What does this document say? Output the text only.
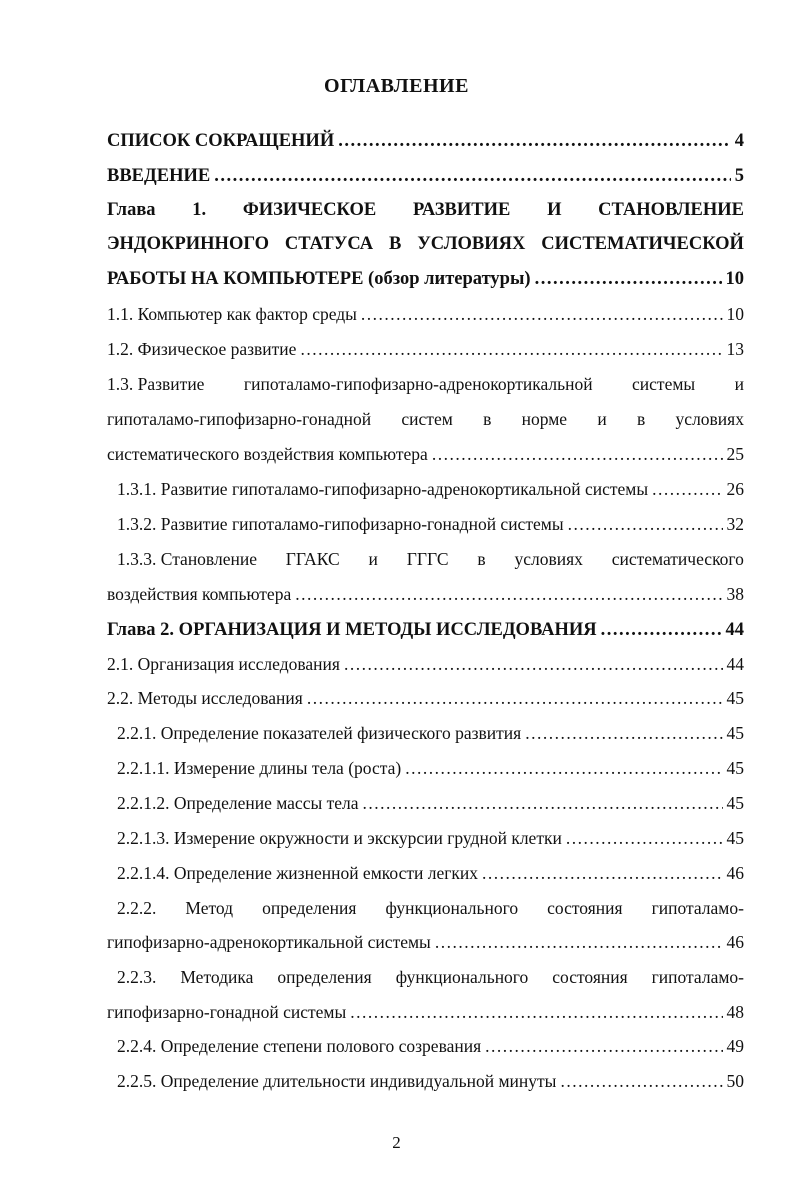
ОГЛАВЛЕНИЕ
СПИСОК СОКРАЩЕНИЙ .....	4
ВВЕДЕНИЕ .....	5
Глава 1. ФИЗИЧЕСКОЕ РАЗВИТИЕ И СТАНОВЛЕНИЕ
ЭНДОКРИННОГО СТАТУСА В УСЛОВИЯХ СИСТЕМАТИЧЕСКОЙ
РАБОТЫ НА КОМПЬЮТЕРЕ (обзор литературы) .....	10
1.1. Компьютер как фактор среды .....	10
1.2. Физическое развитие .....	13
1.3. Развитие гипоталамо-гипофизарно-адренокортикальной системы и
гипоталамо-гипофизарно-гонадной систем в норме и в условиях
систематического воздействия компьютера .....	25
1.3.1. Развитие гипоталамо-гипофизарно-адренокортикальной системы .....	26
1.3.2. Развитие гипоталамо-гипофизарно-гонадной системы .....	32
1.3.3. Становление ГГАКС и ГГГС в условиях систематического
воздействия компьютера .....	38
Глава 2. ОРГАНИЗАЦИЯ И МЕТОДЫ ИССЛЕДОВАНИЯ .....	44
2.1. Организация исследования .....	44
2.2. Методы исследования .....	45
2.2.1. Определение показателей физического развития .....	45
2.2.1.1. Измерение длины тела (роста) .....	45
2.2.1.2. Определение массы тела .....	45
2.2.1.3. Измерение окружности и экскурсии грудной клетки .....	45
2.2.1.4. Определение жизненной емкости легких .....	46
2.2.2. Метод определения функционального состояния гипоталамо-
гипофизарно-адренокортикальной системы .....	46
2.2.3. Методика определения функционального состояния гипоталамо-
гипофизарно-гонадной системы .....	48
2.2.4. Определение степени полового созревания .....	49
2.2.5. Определение длительности индивидуальной минуты .....	50
2
